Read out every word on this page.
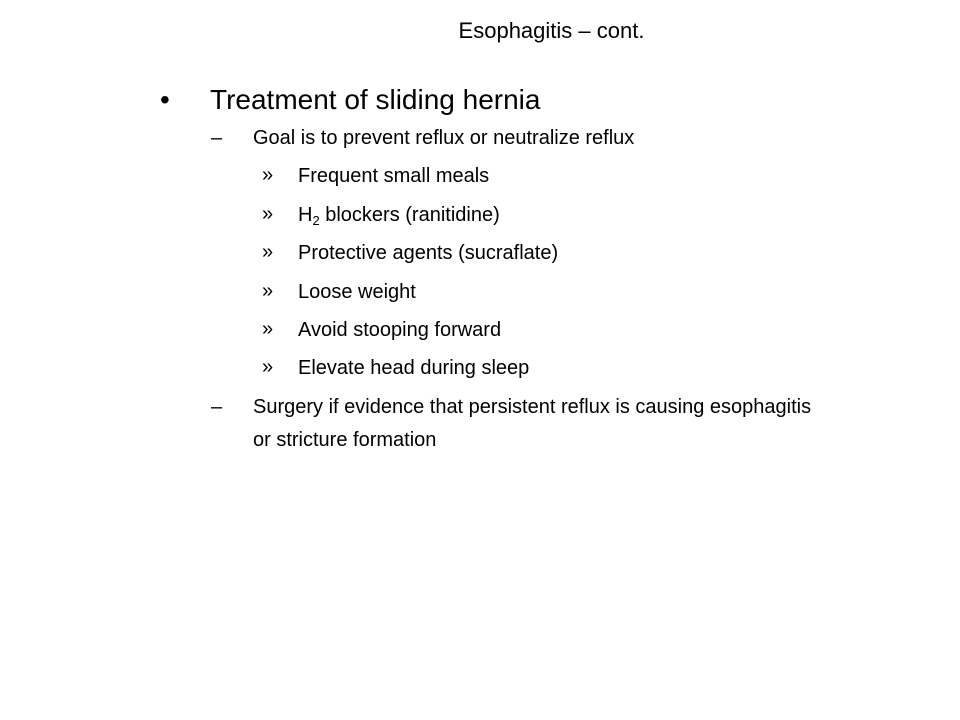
Esophagitis – cont.
• Treatment of sliding hernia
– Goal is to prevent reflux or neutralize reflux
» Frequent small meals
» $H_2$ blockers (ranitidine)
» Protective agents (sucraflate)
» Loose weight
» Avoid stooping forward
» Elevate head during sleep
– Surgery if evidence that persistent reflux is causing esophagitis
or stricture formation
